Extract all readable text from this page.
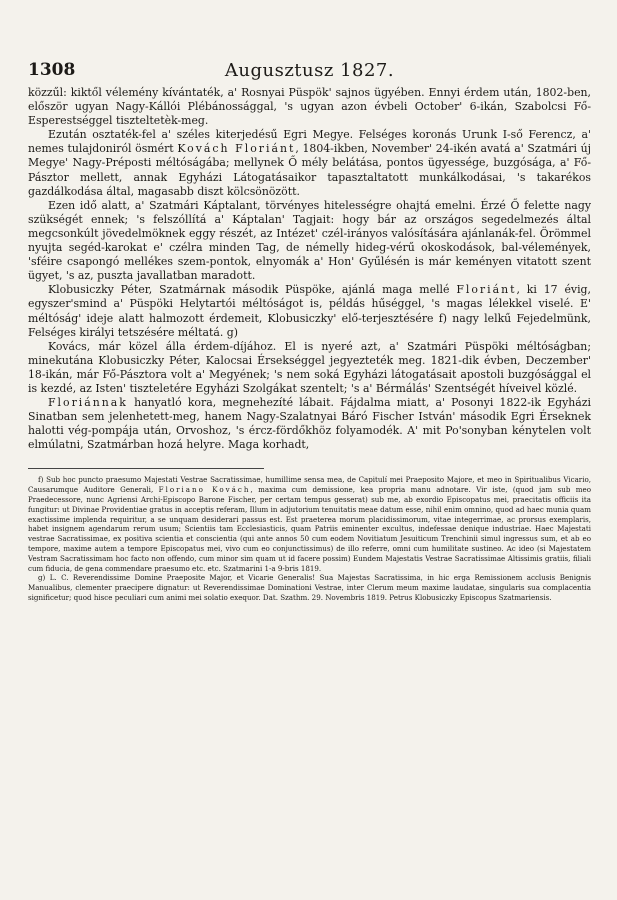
1308	Augusztusz 1827.

közzűl: kiktől vélemény kívántaték, a' Rosnyai Püspök' sajnos ügyében. Ennyi érdem után, 1802-ben, először ugyan Nagy-Kállói Plébánossággal, 's ugyan azon évbeli October' 6-ikán, Szabolcsi Fő-Esperestséggel tiszteltetèk-meg.

Ezután osztaték-fel a' széles kiterjedésű Egri Megye. Felséges koronás Urunk I-ső Ferencz, a' nemes tulajdoniról ösmért Kovách Floriánt, 1804-ikben, November' 24-ikén avatá a' Szatmári új Megye' Nagy-Préposti méltóságába; mellynek Ő mély belátása, pontos ügyessége, buzgósága, a' Fő-Pásztor mellett, annak Egyházi Látogatásaikor tapasztaltatott munkálkodásai, 's takarékos gazdálkodása által, magasabb diszt kölcsönözött.

Ezen idő alatt, a' Szatmári Káptalant, törvényes hitelességre ohajtá emelni. Érzé Ő felette nagy szükségét ennek; 's felszóllítá a' Káptalan' Tagjait: hogy bár az országos segedelmezés által megcsonkúlt jövedelmöknek eggy részét, az Intézet' czél-irányos valósítására ajánlanák-fel. Örömmel nyujta segéd-karokat e' czélra minden Tag, de némelly hideg-vérű okoskodások, bal-vélemények, 'sféire csapongó mellékes szem-pontok, elnyomák a' Hon' Gyűlésén is már keményen vitatott szent ügyet, 's az, puszta javallatban maradott.

Klobusiczky Péter, Szatmárnak második Püspöke, ajánlá maga mellé Floriánt, ki 17 évig, egyszer'smind a' Püspöki Helytartói méltóságot is, példás hűséggel, 's magas lélekkel viselé. E' méltóság' ideje alatt halmozott érdemeit, Klobusiczky' elő-terjesztésére f) nagy lelkű Fejedelmünk, Felséges királyi tetszésére méltatá. g)

Kovács, már közel álla érdem-díjához. El is nyeré azt, a' Szatmári Püspöki méltóságban; minekutána Klobusiczky Péter, Kalocsai Érsekséggel jegyezteték meg. 1821-dik évben, Deczember' 18-ikán, már Fő-Pásztora volt a' Megyének; 's nem soká Egyházi látogatásait apostoli buzgósággal el is kezdé, az Isten' tiszteletére Egyházi Szolgákat szentelt; 's a' Bérmálás' Szentségét híveivel közlé.

Floriánnak hanyatló kora, megnehezíté lábait. Fájdalma miatt, a' Posonyi 1822-ik Egyházi Sinatban sem jelenhetett-meg, hanem Nagy-Szalatnyai Báró Fischer István' második Egri Érseknek halotti vég-pompája után, Orvoshoz, 's ércz-fördőkhöz folyamodék. A' mit Po'sonyban kénytelen volt elmúlatni, Szatmárban hozá helyre. Maga korhadt,

f) Sub hoc puncto praesumo Majestati Vestrae Sacratissimae, humillime sensa mea, de Capitulí mei Praeposito Majore, et meo in Spiritualibus Vicario, Causarumque Auditore Generali, Floriano Kovách, maxima cum demissione, kea propria manu adnotare. Vir iste, (quod jam sub meo Praedecessore, nunc Agriensi Archi-Episcopo Barone Fischer, per certam tempus gesserat) sub me, ab exordio Episcopatus mei, praecitatis officiis ita fungitur: ut Divinae Providentiae gratus in acceptis referam, Illum in adjutorium tenuitatis meae datum esse, nihil enim omnino, quod ad haec munia quam exactissime implenda requiritur, a se unquam desiderari passus est. Est praeterea morum placidissimorum, vitae integerrimae, ac prorsus exemplaris, habet insignem agendarum rerum usum; Scientiis tam Ecclesiasticis, quam Patriis eminenter excultus, indefessae denique industriae. Haec Majestati vestrae Sacratissimae, ex positiva scientia et conscientia (qui ante annos 50 cum eodem Novitiatum Jesuiticum Trenchinii simul ingressus sum, et ab eo tempore, maxime autem a tempore Episcopatus mei, vivo cum eo conjunctissimus) de illo referre, omni cum humilitate sustineo. Ac ideo (si Majestatem Vestram Sacratissimam hoc facto non offendo, cum minor sim quam ut id facere possim) Eundem Majestatis Vestrae Sacratissimae Altissimis gratiis, filiali cum fiducia, de gena commendare praesumo etc. etc. Szatmarini 1-a 9-bris 1819.

g) L. C. Reverendissime Domine Praeposite Major, et Vicarie Generalis! Sua Majestas Sacratissima, in hic erga Remissionem acclusis Benignis Manualibus, clementer praecipere dignatur: ut Reverendissimae Dominationi Vestrae, inter Clerum meum maxime laudatae, singularis sua complacentia significetur; quod hisce peculiari cum animi mei solatio exequor. Dat. Szathm. 29. Novembris 1819. Petrus Klobusiczky Episcopus Szatmariensis.
